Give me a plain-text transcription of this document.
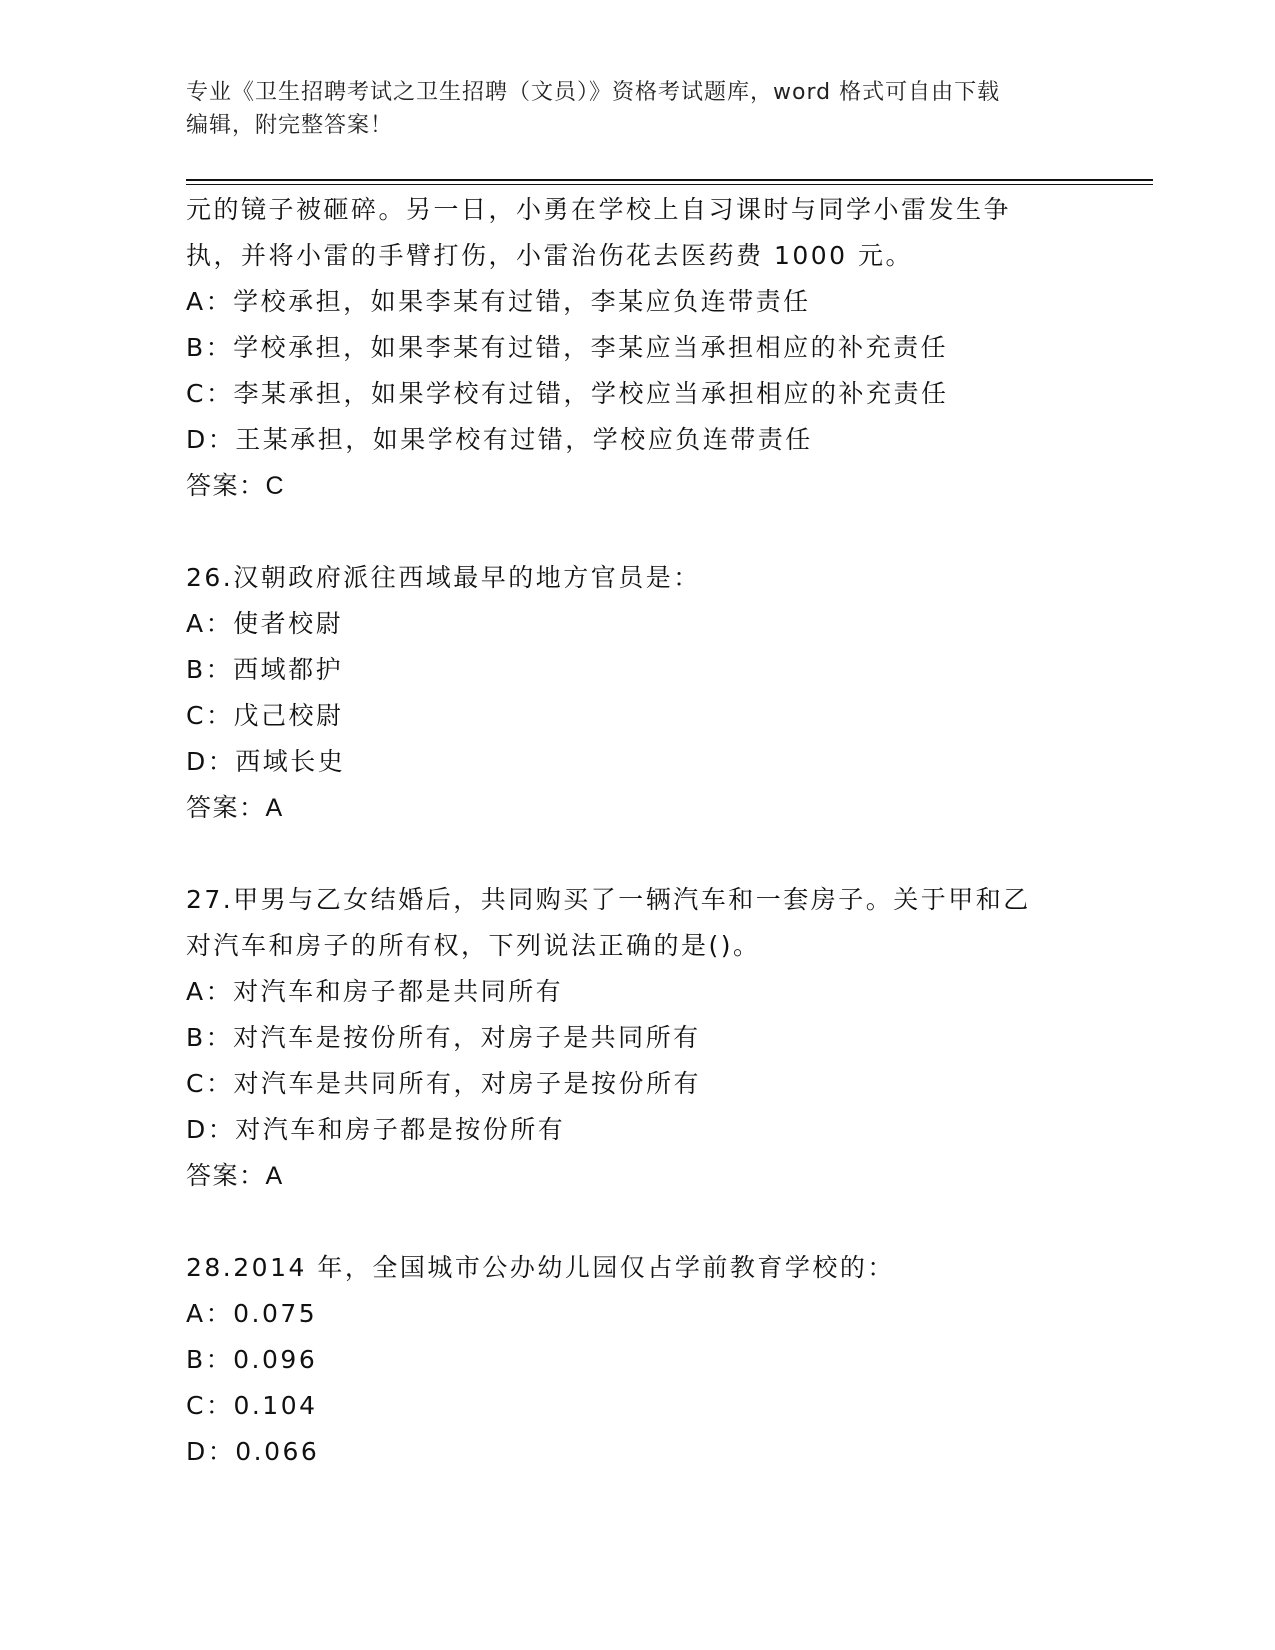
专业《卫生招聘考试之卫生招聘（文员）》资格考试题库，word 格式可自由下载
编辑，附完整答案！
元的镜子被砸碎。另一日，小勇在学校上自习课时与同学小雷发生争
执，并将小雷的手臂打伤，小雷治伤花去医药费 1000 元。
A：学校承担，如果李某有过错，李某应负连带责任
B：学校承担，如果李某有过错，李某应当承担相应的补充责任
C：李某承担，如果学校有过错，学校应当承担相应的补充责任
D：王某承担，如果学校有过错，学校应负连带责任
答案：C
26.汉朝政府派往西域最早的地方官员是：
A：使者校尉
B：西域都护
C：戊己校尉
D：西域长史
答案：A
27.甲男与乙女结婚后，共同购买了一辆汽车和一套房子。关于甲和乙
对汽车和房子的所有权，下列说法正确的是()。
A：对汽车和房子都是共同所有
B：对汽车是按份所有，对房子是共同所有
C：对汽车是共同所有，对房子是按份所有
D：对汽车和房子都是按份所有
答案：A
28.2014 年，全国城市公办幼儿园仅占学前教育学校的：
A：0.075
B：0.096
C：0.104
D：0.066
